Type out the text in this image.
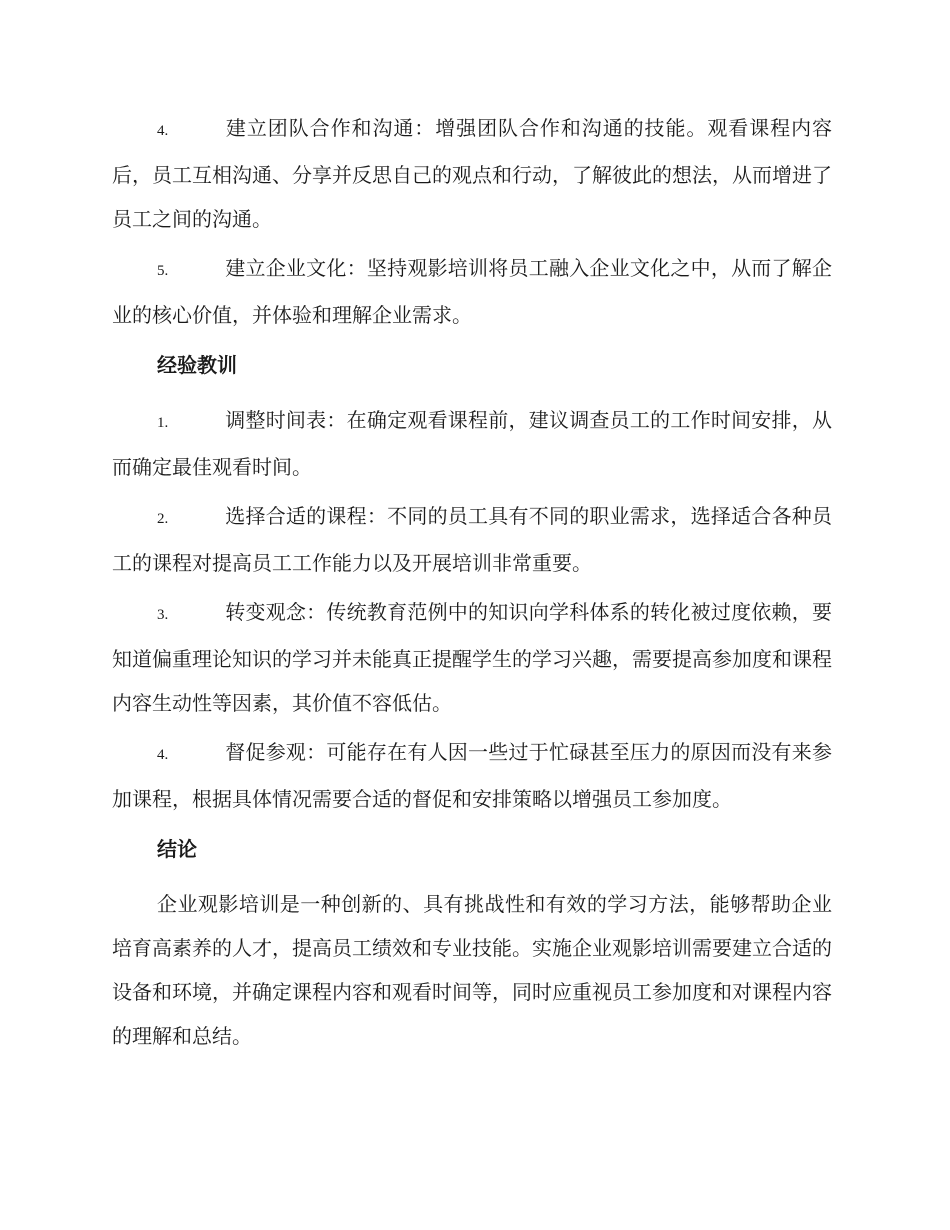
4.	建立团队合作和沟通：增强团队合作和沟通的技能。观看课程内容后，员工互相沟通、分享并反思自己的观点和行动，了解彼此的想法，从而增进了员工之间的沟通。

5.	建立企业文化：坚持观影培训将员工融入企业文化之中，从而了解企业的核心价值，并体验和理解企业需求。

经验教训

1.	调整时间表：在确定观看课程前，建议调查员工的工作时间安排，从而确定最佳观看时间。

2.	选择合适的课程：不同的员工具有不同的职业需求，选择适合各种员工的课程对提高员工工作能力以及开展培训非常重要。

3.	转变观念：传统教育范例中的知识向学科体系的转化被过度依赖，要知道偏重理论知识的学习并未能真正提醒学生的学习兴趣，需要提高参加度和课程内容生动性等因素，其价值不容低估。

4.	督促参观：可能存在有人因一些过于忙碌甚至压力的原因而没有来参加课程，根据具体情况需要合适的督促和安排策略以增强员工参加度。

结论

企业观影培训是一种创新的、具有挑战性和有效的学习方法，能够帮助企业培育高素养的人才，提高员工绩效和专业技能。实施企业观影培训需要建立合适的设备和环境，并确定课程内容和观看时间等，同时应重视员工参加度和对课程内容的理解和总结。
